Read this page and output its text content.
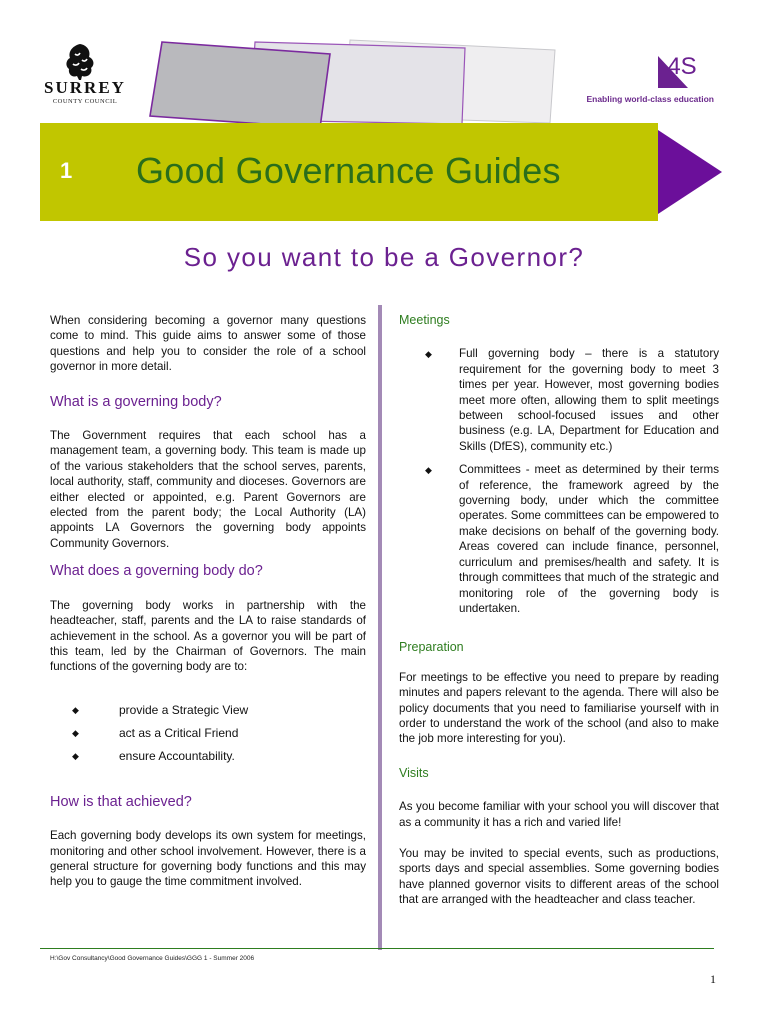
SURREY
COUNTY COUNCIL
4S
Enabling world-class education
1 Good Governance Guides
So you want to be a Governor?

When considering becoming a governor many questions come to mind. This guide aims to answer some of those questions and help you to consider the role of a school governor in more detail.

What is a governing body?

The Government requires that each school has a management team, a governing body. This team is made up of the various stakeholders that the school serves, parents, local authority, staff, community and dioceses. Governors are either elected or appointed, e.g. Parent Governors are elected from the parent body; the Local Authority (LA) appoints LA Governors the governing body appoints Community Governors.

What does a governing body do?

The governing body works in partnership with the headteacher, staff, parents and the LA to raise standards of achievement in the school. As a governor you will be part of this team, led by the Chairman of Governors. The main functions of the governing body are to:

◆	provide a Strategic View
◆	act as a Critical Friend
◆	ensure Accountability.

How is that achieved?

Each governing body develops its own system for meetings, monitoring and other school involvement. However, there is a general structure for governing body functions and this may help you to gauge the time commitment involved.

Meetings

◆ Full governing body – there is a statutory requirement for the governing body to meet 3 times per year. However, most governing bodies meet more often, allowing them to split meetings between school-focused issues and other business (e.g. LA, Department for Education and Skills (DfES), community etc.)

◆ Committees - meet as determined by their terms of reference, the framework agreed by the governing body, under which the committee operates. Some committees can be empowered to make decisions on behalf of the governing body. Areas covered can include finance, personnel, curriculum and premises/health and safety. It is through committees that much of the strategic and monitoring role of the governing body is undertaken.

Preparation

For meetings to be effective you need to prepare by reading minutes and papers relevant to the agenda. There will also be policy documents that you need to familiarise yourself with in order to understand the work of the school (and also to make the job more interesting for you).

Visits

As you become familiar with your school you will discover that as a community it has a rich and varied life!

You may be invited to special events, such as productions, sports days and special assemblies. Some governing bodies have planned governor visits to different areas of the school that are arranged with the headteacher and class teacher.

H:\Gov Consultancy\Good Governance Guides\GGG 1 - Summer 2006
1
